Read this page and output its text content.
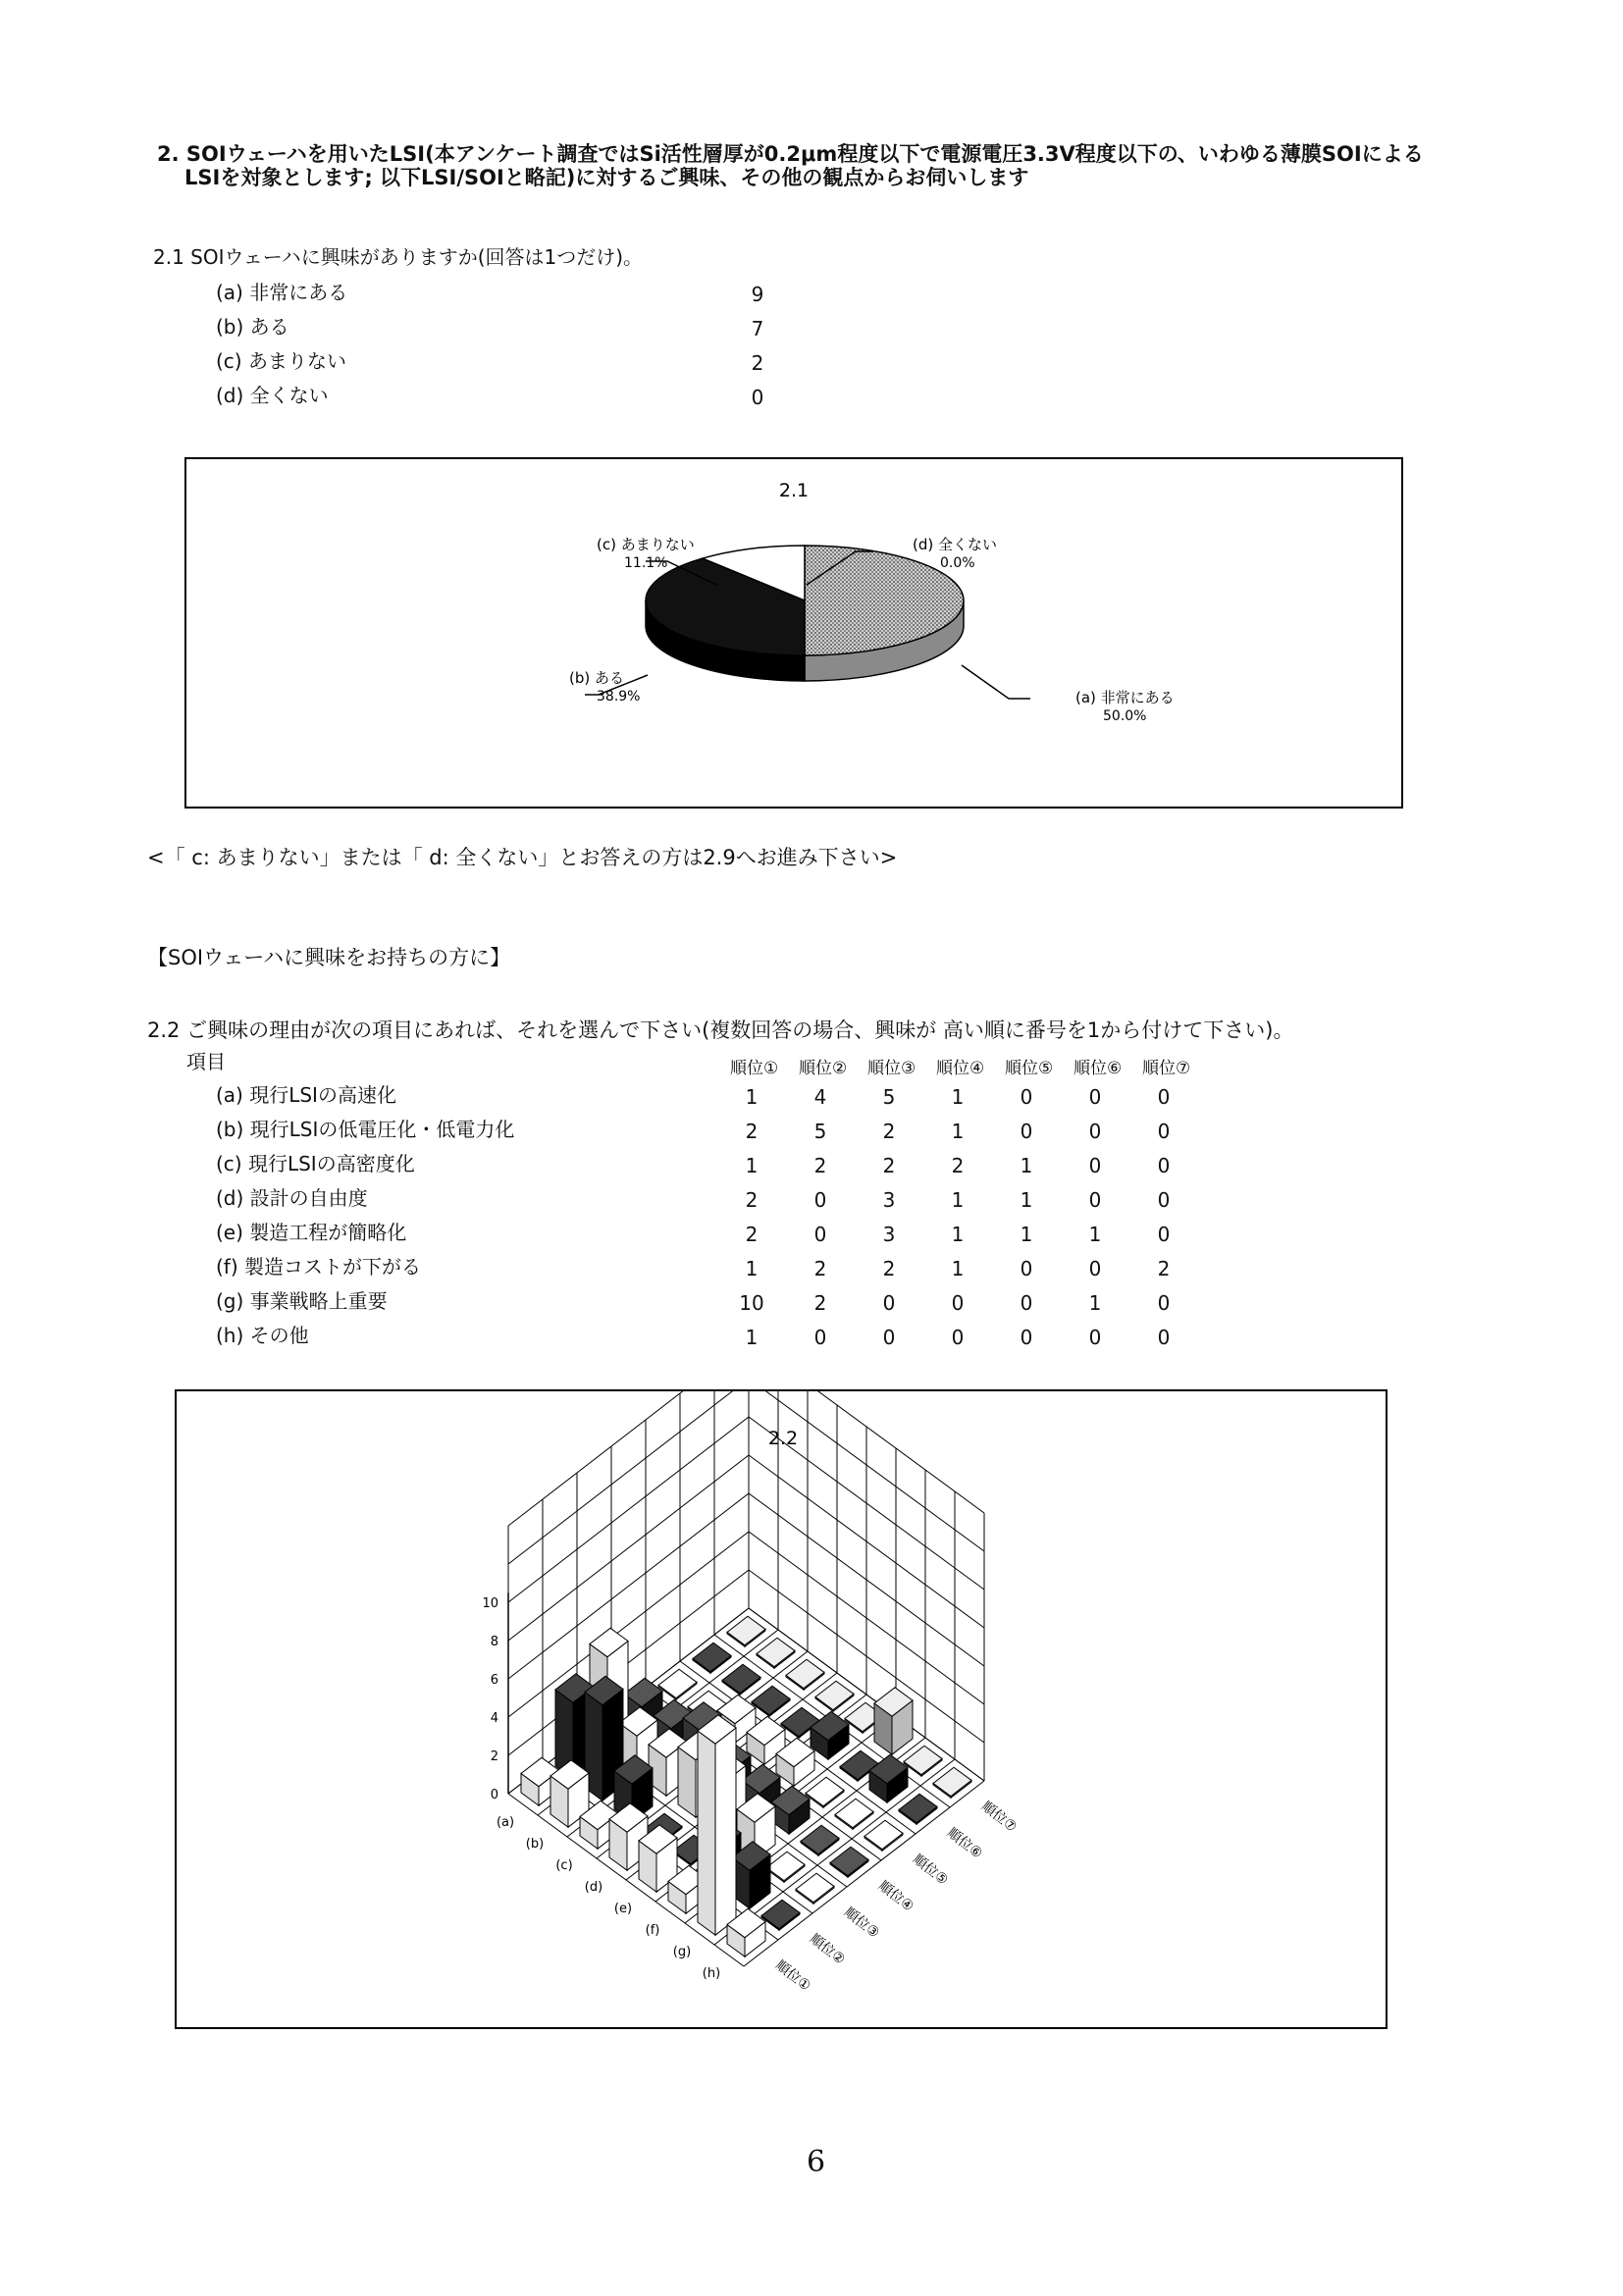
2. SOIウェーハを用いたLSI(本アンケート調査ではSi活性層厚が0.2μm程度以下で電源電圧3.3V程度以下の、いわゆる薄膜SOIによる
LSIを対象とします; 以下LSI/SOIと略記)に対するご興味、その他の観点からお伺いします
2.1 SOIウェーハに興味がありますか(回答は1つだけ)。
(a) 非常にある	9
(b) ある	7
(c) あまりない	2
(d) 全くない	0
2.1
(a) 非常にある
50.0%
(b) ある
38.9%
(c) あまりない
11.1%
(d) 全くない
0.0%
<「 c: あまりない」または「 d: 全くない」とお答えの方は2.9へお進み下さい>
【SOIウェーハに興味をお持ちの方に】
2.2 ご興味の理由が次の項目にあれば、それを選んで下さい(複数回答の場合、興味が 高い順に番号を1から付けて下さい)。
項目	順位① 順位② 順位③ 順位④ 順位⑤ 順位⑥ 順位⑦
(a) 現行LSIの高速化	1	4	5	1	0	0	0
(b) 現行LSIの低電圧化・低電力化	2	5	2	1	0	0	0
(c) 現行LSIの高密度化	1	2	2	2	1	0	0
(d) 設計の自由度	2	0	3	1	1	0	0
(e) 製造工程が簡略化	2	0	3	1	1	1	0
(f) 製造コストが下がる	1	2	2	1	0	0	2
(g) 事業戦略上重要	10	2	0	0	0	1	0
(h) その他	1	0	0	0	0	0	0
0
2
4
6
8
10
(a)
(b)
(c)
(d)
(e)
(f)
(g)
(h)	順位①
順位②
順位③
順位④
順位⑤
順位⑥
順位⑦
2.2
6
